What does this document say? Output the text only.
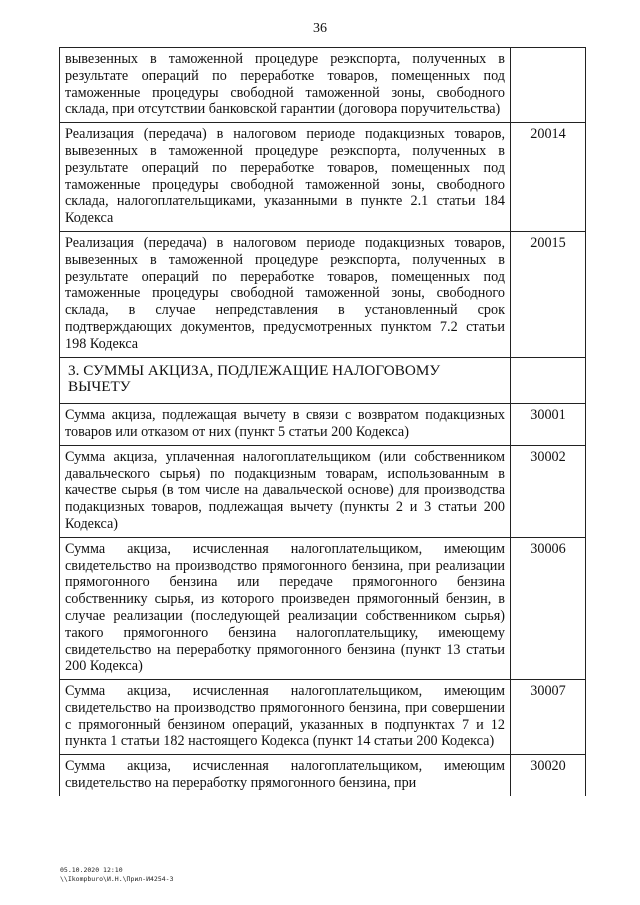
36
вывезенных в таможенной процедуре реэкспорта, полученных в результате операций по переработке товаров, помещенных под таможенные процедуры свободной таможенной зоны, свободного склада, при отсутствии банковской гарантии (договора поручительства)	
Реализация (передача) в налоговом периоде подакцизных товаров, вывезенных в таможенной процедуре реэкспорта, полученных в результате операций по переработке товаров, помещенных под таможенные процедуры свободной таможенной зоны, свободного склада, налогоплательщиками, указанными в пункте 2.1 статьи 184 Кодекса	20014
Реализация (передача) в налоговом периоде подакцизных товаров, вывезенных в таможенной процедуре реэкспорта, полученных в результате операций по переработке товаров, помещенных под таможенные процедуры свободной таможенной зоны, свободного склада, в случае непредставления в установленный срок подтверждающих документов, предусмотренных пунктом 7.2 статьи 198 Кодекса	20015
3. СУММЫ АКЦИЗА, ПОДЛЕЖАЩИЕ НАЛОГОВОМУ ВЫЧЕТУ	
Сумма акциза, подлежащая вычету в связи с возвратом подакцизных товаров или отказом от них (пункт 5 статьи 200 Кодекса)	30001
Сумма акциза, уплаченная налогоплательщиком (или собственником давальческого сырья) по подакцизным товарам, использованным в качестве сырья (в том числе на давальческой основе) для производства подакцизных товаров, подлежащая вычету (пункты 2 и 3 статьи 200 Кодекса)	30002
Сумма акциза, исчисленная налогоплательщиком, имеющим свидетельство на производство прямогонного бензина, при реализации прямогонного бензина или передаче прямогонного бензина собственнику сырья, из которого произведен прямогонный бензин, в случае реализации (последующей реализации собственником сырья) такого прямогонного бензина налогоплательщику, имеющему свидетельство на переработку прямогонного бензина (пункт 13 статьи 200 Кодекса)	30006
Сумма акциза, исчисленная налогоплательщиком, имеющим свидетельство на производство прямогонного бензина, при совершении с прямогонный бензином операций, указанных в подпунктах 7 и 12 пункта 1 статьи 182 настоящего Кодекса (пункт 14 статьи 200 Кодекса)	30007
Сумма акциза, исчисленная налогоплательщиком, имеющим свидетельство на переработку прямогонного бензина, при	30020
05.10.2020 12:10
\\Ikompburo\И.Н.\Прил-И4254-3
